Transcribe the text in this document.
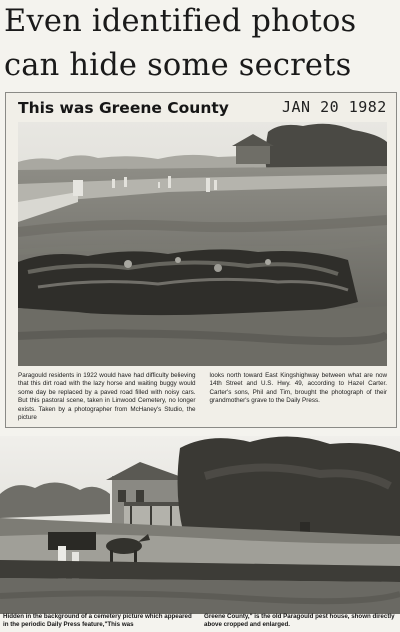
Even identified photos can hide some secrets
This was Greene County	JAN 20 1982

Paragould residents in 1922 would have had difficulty believing that this dirt road with the lazy horse and waiting buggy would some day be replaced by a paved road filled with noisy cars. But this pastoral scene, taken in Linwood Cemetery, no longer exists. Taken by a photographer from McHaney's Studio, the picture

looks north toward East Kingshighway between what are now 14th Street and U.S. Hwy. 49, according to Hazel Carter. Carter's sons, Phil and Tim, brought the photograph of their grandmother's grave to the Daily Press.

Hidden in the background of a cemetery picture which appeared in the periodic Daily Press feature,"This was

Greene County," is the old Paragould pest house, shown directly above cropped and enlarged.
